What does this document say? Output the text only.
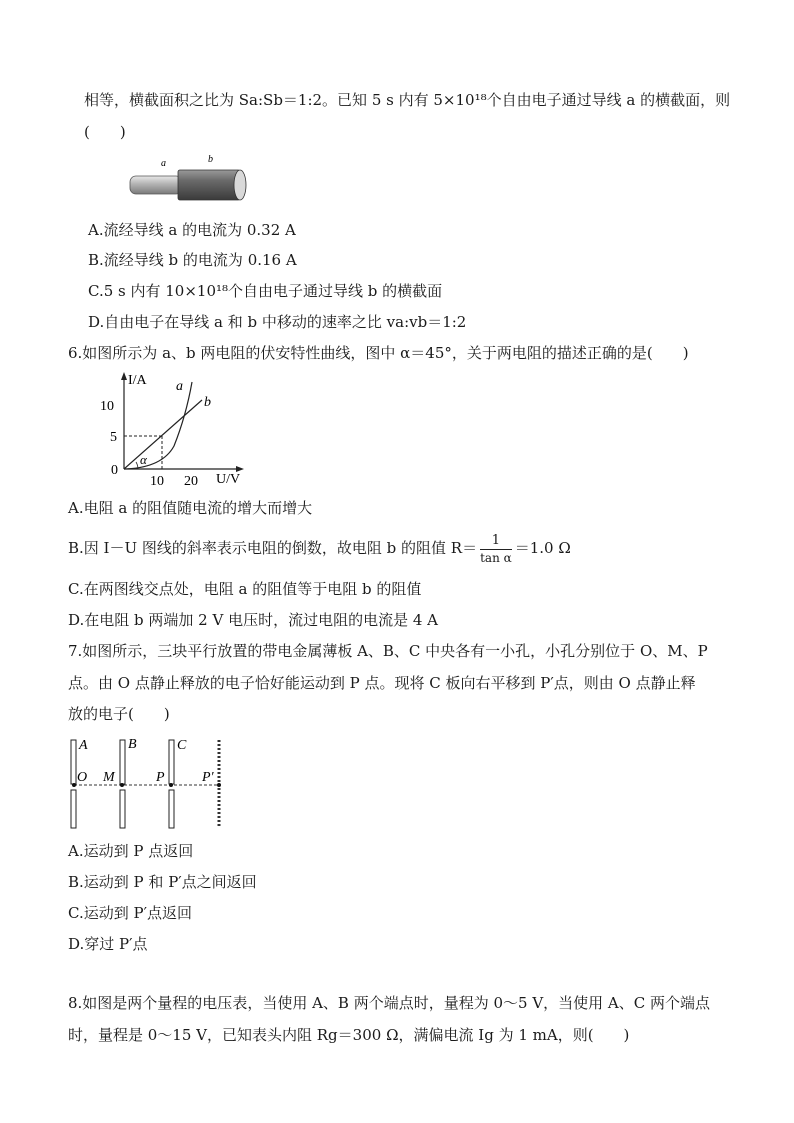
相等，横截面积之比为 Sa:Sb＝1:2。已知 5 s 内有 5×10¹⁸个自由电子通过导线 a 的横截面，则
(　　)
a	b
A.流经导线 a 的电流为 0.32 A
B.流经导线 b 的电流为 0.16 A
C.5 s 内有 10×10¹⁸个自由电子通过导线 b 的横截面
D.自由电子在导线 a 和 b 中移动的速率之比 va:vb＝1:2
6.如图所示为 a、b 两电阻的伏安特性曲线，图中 α＝45°，关于两电阻的描述正确的是(　　)
I/A
U/V
10
5
10 20
0
a
b
α
A.电阻 a 的阻值随电流的增大而增大
B.因 I－U 图线的斜率表示电阻的倒数，故电阻 b 的阻值 $R= \frac{1}{\text{tan α}} =1.0$ Ω
C.在两图线交点处，电阻 a 的阻值等于电阻 b 的阻值
D.在电阻 b 两端加 2 V 电压时，流过电阻的电流是 4 A
7.如图所示，三块平行放置的带电金属薄板 A、B、C 中央各有一小孔，小孔分别位于 O、M、P
点。由 O 点静止释放的电子恰好能运动到 P 点。现将 C 板向右平移到 P′点，则由 O 点静止释
放的电子(　　)
A	B	C
O M	P	P′
A.运动到 P 点返回
B.运动到 P 和 P′点之间返回
C.运动到 P′点返回
D.穿过 P′点
8.如图是两个量程的电压表，当使用 A、B 两个端点时，量程为 0～5 V，当使用 A、C 两个端点
时，量程是 0～15 V，已知表头内阻 Rg＝300 Ω，满偏电流 Ig 为 1 mA，则(　　)
